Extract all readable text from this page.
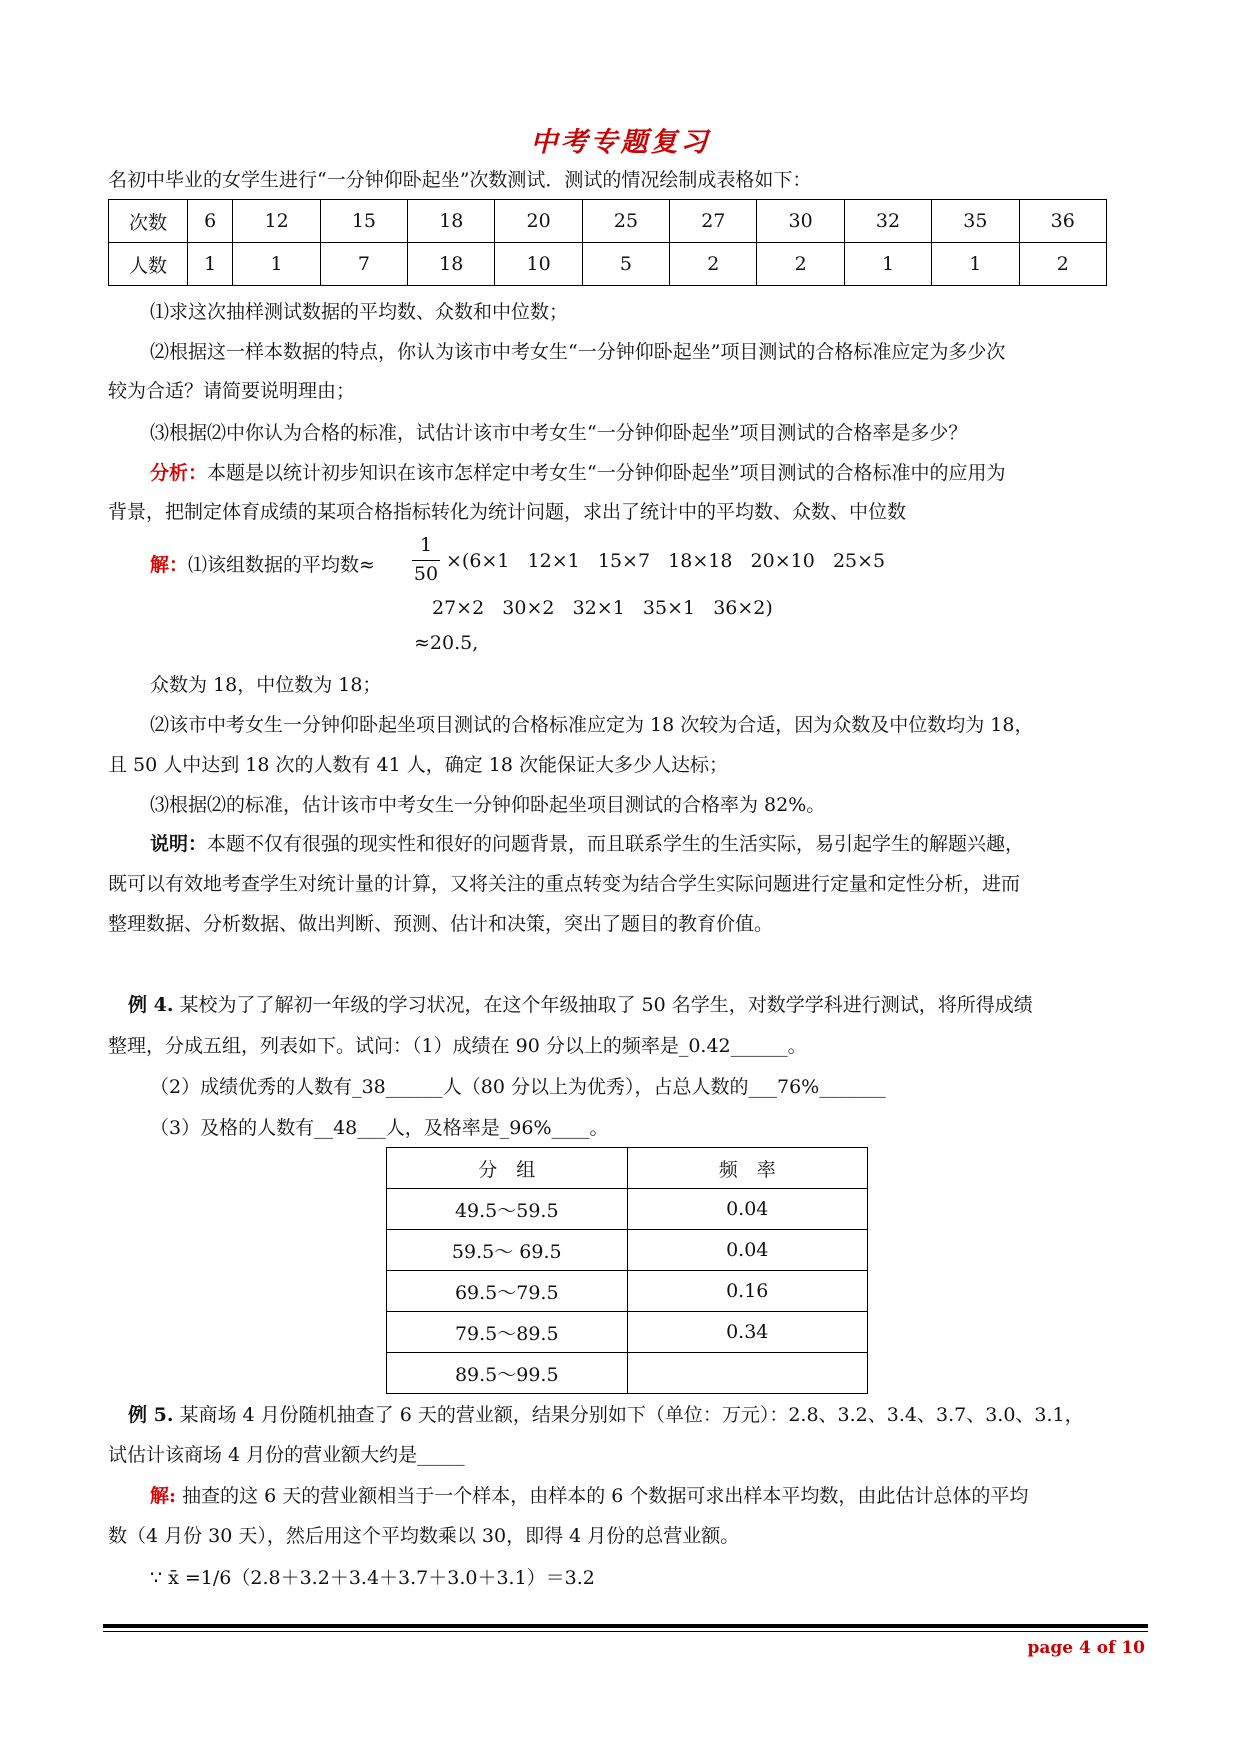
中考专题复习
名初中毕业的女学生进行“一分钟仰卧起坐”次数测试．测试的情况绘制成表格如下：
次数	6	12	15	18	20	25	27	30	32	35	36
人数	1	1	7	18	10	5	2	2	1	1	2
⑴求这次抽样测试数据的平均数、众数和中位数；
⑵根据这一样本数据的特点，你认为该市中考女生“一分钟仰卧起坐”项目测试的合格标准应定为多少次
较为合适？请简要说明理由；
⑶根据⑵中你认为合格的标准，试估计该市中考女生“一分钟仰卧起坐”项目测试的合格率是多少？
分析：本题是以统计初步知识在该市怎样定中考女生“一分钟仰卧起坐”项目测试的合格标准中的应用为
背景，把制定体育成绩的某项合格指标转化为统计问题，求出了统计中的平均数、众数、中位数
解：⑴该组数据的平均数≈
1
50
×(6×1   12×1   15×7   18×18   20×10   25×5
27×2   30×2   32×1   35×1   36×2)
≈20.5,
众数为 18，中位数为 18；
⑵该市中考女生一分钟仰卧起坐项目测试的合格标准应定为 18 次较为合适，因为众数及中位数均为 18，
且 50 人中达到 18 次的人数有 41 人，确定 18 次能保证大多少人达标；
⑶根据⑵的标准，估计该市中考女生一分钟仰卧起坐项目测试的合格率为 82%。
说明：本题不仅有很强的现实性和很好的问题背景，而且联系学生的生活实际，易引起学生的解题兴趣，
既可以有效地考查学生对统计量的计算，又将关注的重点转变为结合学生实际问题进行定量和定性分析，进而
整理数据、分析数据、做出判断、预测、估计和决策，突出了题目的教育价值。
例 4. 某校为了了解初一年级的学习状况，在这个年级抽取了 50 名学生，对数学学科进行测试，将所得成绩
整理，分成五组，列表如下。试问：（1）成绩在 90 分以上的频率是_0.42______。
（2）成绩优秀的人数有_38______人（80 分以上为优秀），占总人数的___76%_______
（3）及格的人数有__48___人，及格率是_96%____。
分　组	频　率
49.5～59.5	0.04
59.5～ 69.5	0.04
69.5～79.5	0.16
79.5～89.5	0.34
89.5～99.5	
例 5. 某商场 4 月份随机抽查了 6 天的营业额，结果分别如下（单位：万元）：2.8、3.2、3.4、3.7、3.0、3.1，
试估计该商场 4 月份的营业额大约是_____
解: 抽查的这 6 天的营业额相当于一个样本，由样本的 6 个数据可求出样本平均数，由此估计总体的平均
数（4 月份 30 天），然后用这个平均数乘以 30，即得 4 月份的总营业额。
∵ x̄ =1/6（2.8＋3.2＋3.4＋3.7＋3.0＋3.1）＝3.2
page 4 of 10
